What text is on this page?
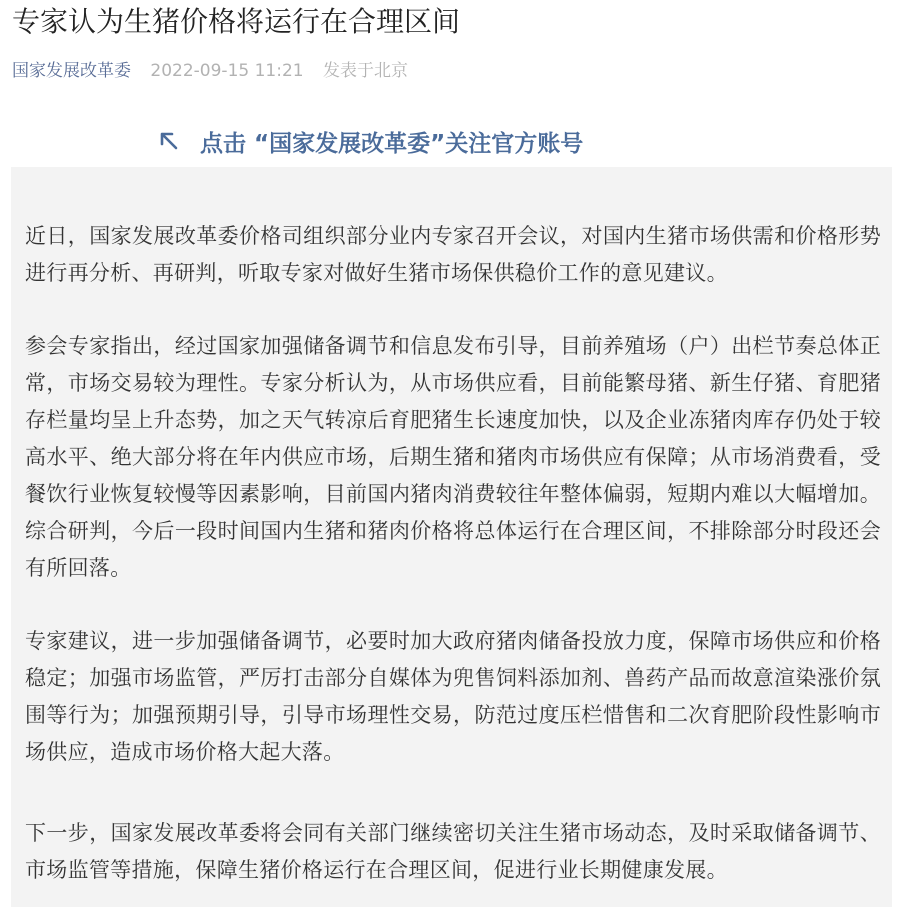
专家认为生猪价格将运行在合理区间
国家发展改革委 2022-09-15 11:21 发表于北京
点击 “国家发展改革委”关注官方账号

近日，国家发展改革委价格司组织部分业内专家召开会议，对国内生猪市场供需和价格形势进行再分析、再研判，听取专家对做好生猪市场保供稳价工作的意见建议。

参会专家指出，经过国家加强储备调节和信息发布引导，目前养殖场（户）出栏节奏总体正常，市场交易较为理性。专家分析认为，从市场供应看，目前能繁母猪、新生仔猪、育肥猪存栏量均呈上升态势，加之天气转凉后育肥猪生长速度加快，以及企业冻猪肉库存仍处于较高水平、绝大部分将在年内供应市场，后期生猪和猪肉市场供应有保障；从市场消费看，受餐饮行业恢复较慢等因素影响，目前国内猪肉消费较往年整体偏弱，短期内难以大幅增加。综合研判，今后一段时间国内生猪和猪肉价格将总体运行在合理区间，不排除部分时段还会有所回落。

专家建议，进一步加强储备调节，必要时加大政府猪肉储备投放力度，保障市场供应和价格稳定；加强市场监管，严厉打击部分自媒体为兜售饲料添加剂、兽药产品而故意渲染涨价氛围等行为；加强预期引导，引导市场理性交易，防范过度压栏惜售和二次育肥阶段性影响市场供应，造成市场价格大起大落。

下一步，国家发展改革委将会同有关部门继续密切关注生猪市场动态，及时采取储备调节、市场监管等措施，保障生猪价格运行在合理区间，促进行业长期健康发展。
